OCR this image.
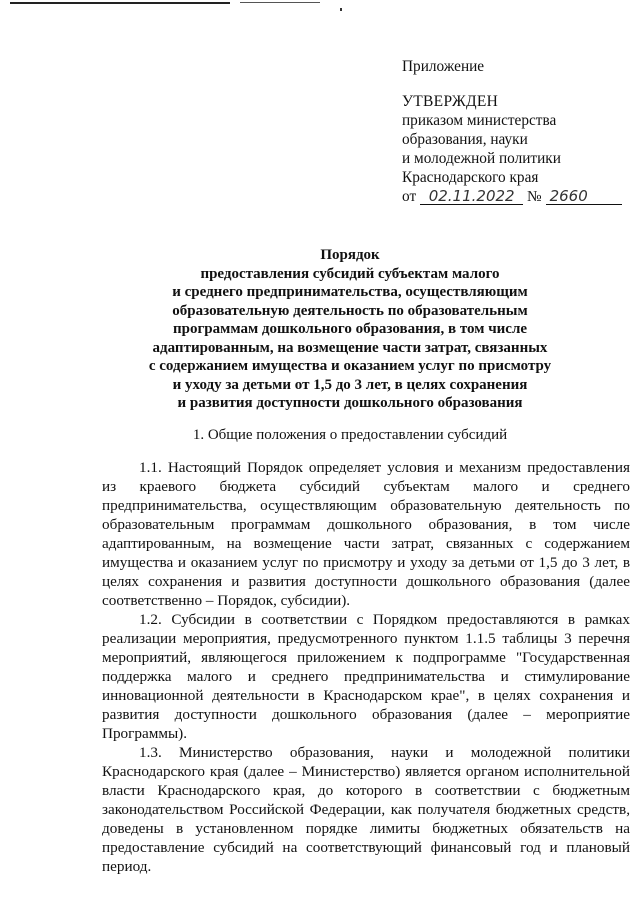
Приложение
УТВЕРЖДЕН
приказом министерства
образования, науки
и молодежной политики
Краснодарского края
от 02.11.2022 № 2660
Порядок
предоставления субсидий субъектам малого
и среднего предпринимательства, осуществляющим
образовательную деятельность по образовательным
программам дошкольного образования, в том числе
адаптированным, на возмещение части затрат, связанных
с содержанием имущества и оказанием услуг по присмотру
и уходу за детьми от 1,5 до 3 лет, в целях сохранения
и развития доступности дошкольного образования
1. Общие положения о предоставлении субсидий

1.1. Настоящий Порядок определяет условия и механизм предоставления из краевого бюджета субсидий субъектам малого и среднего предпринимательства, осуществляющим образовательную деятельность по образовательным программам дошкольного образования, в том числе адаптированным, на возмещение части затрат, связанных с содержанием имущества и оказанием услуг по присмотру и уходу за детьми от 1,5 до 3 лет, в целях сохранения и развития доступности дошкольного образования (далее соответственно – Порядок, субсидии).

1.2. Субсидии в соответствии с Порядком предоставляются в рамках реализации мероприятия, предусмотренного пунктом 1.1.5 таблицы 3 перечня мероприятий, являющегося приложением к подпрограмме "Государственная поддержка малого и среднего предпринимательства и стимулирование инновационной деятельности в Краснодарском крае", в целях сохранения и развития доступности дошкольного образования (далее – мероприятие Программы).

1.3. Министерство образования, науки и молодежной политики Краснодарского края (далее – Министерство) является органом исполнительной власти Краснодарского края, до которого в соответствии с бюджетным законодательством Российской Федерации, как получателя бюджетных средств, доведены в установленном порядке лимиты бюджетных обязательств на предоставление субсидий на соответствующий финансовый год и плановый период.
